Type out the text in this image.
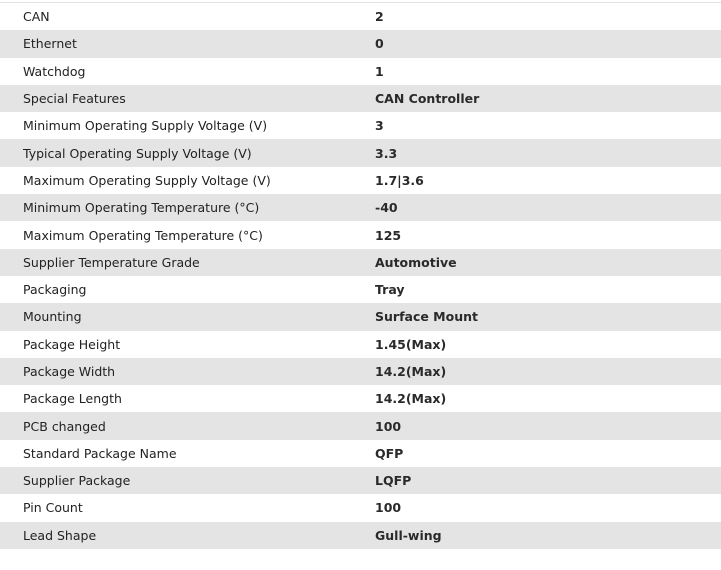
CAN	2
Ethernet	0
Watchdog	1
Special Features	CAN Controller
Minimum Operating Supply Voltage (V)	3
Typical Operating Supply Voltage (V)	3.3
Maximum Operating Supply Voltage (V)	1.7|3.6
Minimum Operating Temperature (°C)	-40
Maximum Operating Temperature (°C)	125
Supplier Temperature Grade	Automotive
Packaging	Tray
Mounting	Surface Mount
Package Height	1.45(Max)
Package Width	14.2(Max)
Package Length	14.2(Max)
PCB changed	100
Standard Package Name	QFP
Supplier Package	LQFP
Pin Count	100
Lead Shape	Gull-wing
